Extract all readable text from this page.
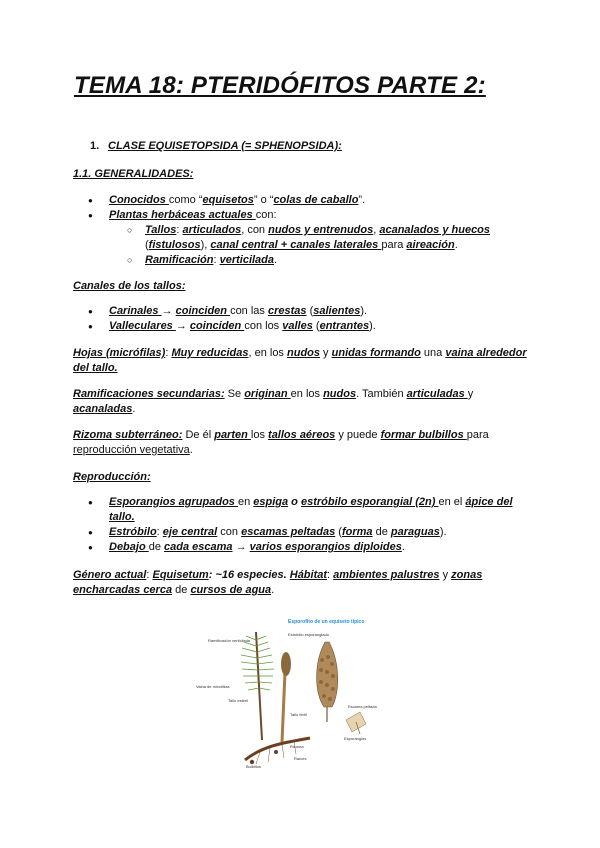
TEMA 18: PTERIDÓFITOS PARTE 2:

1. CLASE EQUISETOPSIDA (= SPHENOPSIDA):

1.1. GENERALIDADES:

● Conocidos como “equisetos” o “colas de caballo”.
● Plantas herbáceas actuales con:
○ Tallos: articulados, con nudos y entrenudos, acanalados y huecos (fistulosos), canal central + canales laterales para aireación.
○ Ramificación: verticilada.

Canales de los tallos:

● Carinales → coinciden con las crestas (salientes).
● Valleculares → coinciden con los valles (entrantes).

Hojas (micrófilas): Muy reducidas, en los nudos y unidas formando una vaina alrededor del tallo.

Ramificaciones secundarias: Se originan en los nudos. También articuladas y acanaladas.

Rizoma subterráneo: De él parten los tallos aéreos y puede formar bulbillos para reproducción vegetativa.

Reproducción:

● Esporangios agrupados en espiga o estróbilo esporangial (2n) en el ápice del tallo.
● Estróbilo: eje central con escamas peltadas (forma de paraguas).
● Debajo de cada escama → varios esporangios diploides.

Género actual: Equisetum: ~16 especies. Hábitat: ambientes palustres y zonas encharcadas cerca de cursos de agua.

Esporofito de un equiseto típico
Ramificación verticilada
Estróbilo esporangiado
Vaina de micrófilas
Tallo estéril
Tallo fértil
Escama peltada
Esporangios
Rizoma
Bulbillos
Raíces
